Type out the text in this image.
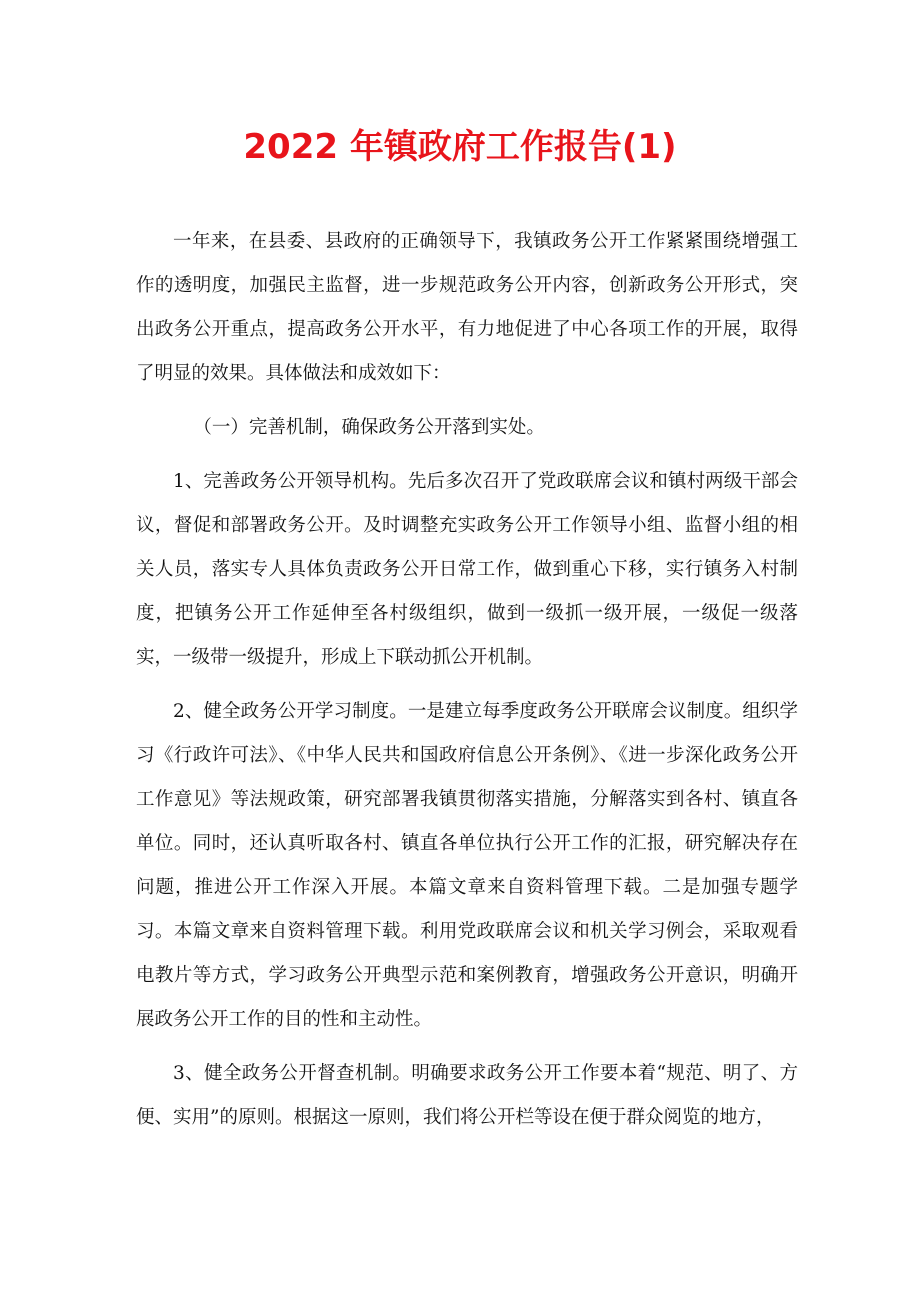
2022 年镇政府工作报告(1)

一年来，在县委、县政府的正确领导下，我镇政务公开工作紧紧围绕增强工作的透明度，加强民主监督，进一步规范政务公开内容，创新政务公开形式，突出政务公开重点，提高政务公开水平，有力地促进了中心各项工作的开展，取得了明显的效果。具体做法和成效如下：

（一）完善机制，确保政务公开落到实处。

1、完善政务公开领导机构。先后多次召开了党政联席会议和镇村两级干部会议，督促和部署政务公开。及时调整充实政务公开工作领导小组、监督小组的相关人员，落实专人具体负责政务公开日常工作，做到重心下移，实行镇务入村制度，把镇务公开工作延伸至各村级组织，做到一级抓一级开展，一级促一级落实，一级带一级提升，形成上下联动抓公开机制。

2、健全政务公开学习制度。一是建立每季度政务公开联席会议制度。组织学习《行政许可法》、《中华人民共和国政府信息公开条例》、《进一步深化政务公开工作意见》等法规政策，研究部署我镇贯彻落实措施，分解落实到各村、镇直各单位。同时，还认真听取各村、镇直各单位执行公开工作的汇报，研究解决存在问题，推进公开工作深入开展。本篇文章来自资料管理下载。二是加强专题学习。本篇文章来自资料管理下载。利用党政联席会议和机关学习例会，采取观看电教片等方式，学习政务公开典型示范和案例教育，增强政务公开意识，明确开展政务公开工作的目的性和主动性。

3、健全政务公开督查机制。明确要求政务公开工作要本着“规范、明了、方便、实用”的原则。根据这一原则，我们将公开栏等设在便于群众阅览的地方，
